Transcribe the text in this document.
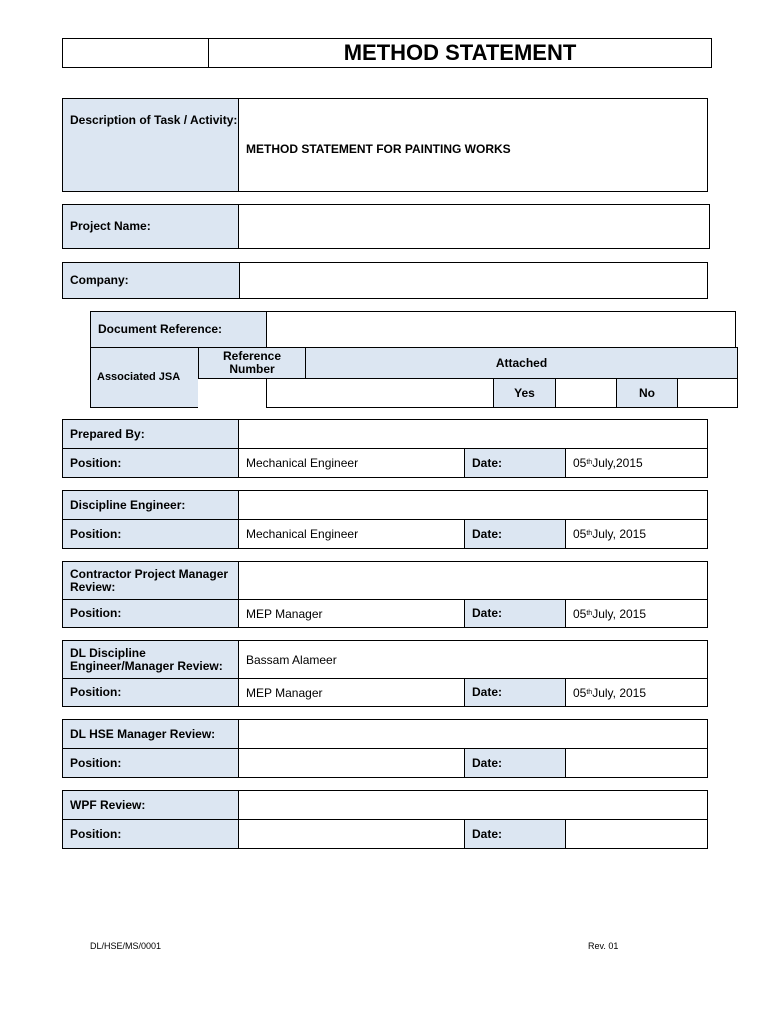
METHOD STATEMENT
Description of Task / Activity:
METHOD STATEMENT FOR PAINTING WORKS
Project Name:
Company:
Document Reference:
Associated JSA
Reference Number	Attached
Yes	No
Prepared By:
Position:	Mechanical Engineer	Date:	05 th July,2015
Discipline Engineer:
Position:	Mechanical Engineer	Date:	05 th July, 2015
Contractor Project Manager Review:
Position:	MEP Manager	Date:	05 th July, 2015
DL Discipline Engineer/Manager Review:	Bassam Alameer
Position:	MEP Manager	Date:	05 th July, 2015
DL HSE Manager Review:
Position:	Date:
WPF Review:
Position:	Date:
DL/HSE/MS/0001	Rev. 01
